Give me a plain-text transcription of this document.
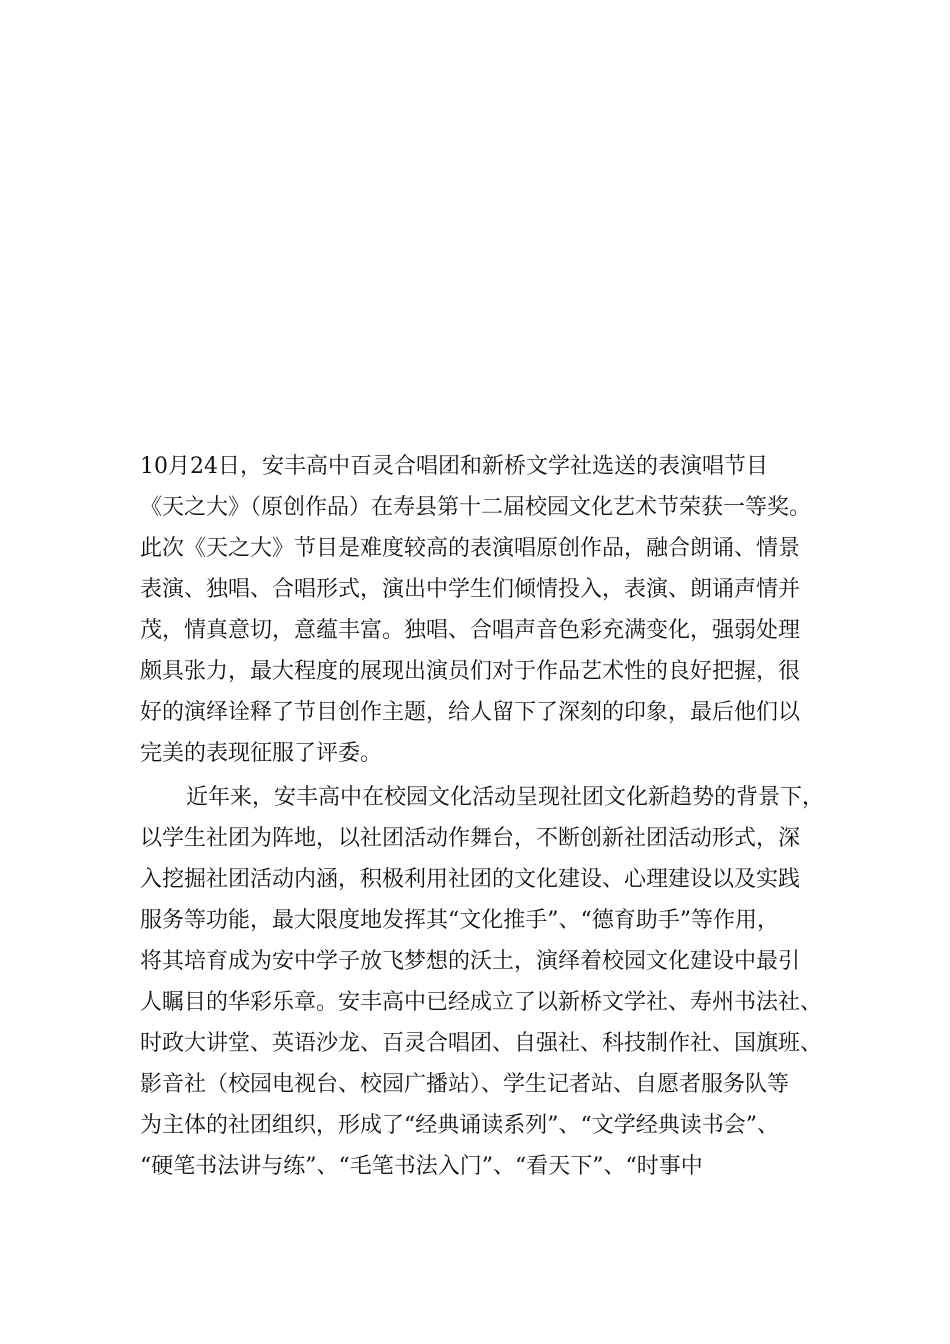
10月24日，安丰高中百灵合唱团和新桥文学社选送的表演唱节目
《天之大》（原创作品）在寿县第十二届校园文化艺术节荣获一等奖。
此次《天之大》节目是难度较高的表演唱原创作品，融合朗诵、情景
表演、独唱、合唱形式，演出中学生们倾情投入，表演、朗诵声情并
茂，情真意切，意蕴丰富。独唱、合唱声音色彩充满变化，强弱处理
颇具张力，最大程度的展现出演员们对于作品艺术性的良好把握，很
好的演绎诠释了节目创作主题，给人留下了深刻的印象，最后他们以
完美的表现征服了评委。
近年来，安丰高中在校园文化活动呈现社团文化新趋势的背景下，
以学生社团为阵地，以社团活动作舞台，不断创新社团活动形式，深
入挖掘社团活动内涵，积极利用社团的文化建设、心理建设以及实践
服务等功能，最大限度地发挥其“文化推手”、“德育助手”等作用，
将其培育成为安中学子放飞梦想的沃土，演绎着校园文化建设中最引
人瞩目的华彩乐章。安丰高中已经成立了以新桥文学社、寿州书法社、
时政大讲堂、英语沙龙、百灵合唱团、自强社、科技制作社、国旗班、
影音社（校园电视台、校园广播站）、学生记者站、自愿者服务队等
为主体的社团组织，形成了“经典诵读系列”、“文学经典读书会”、
“硬笔书法讲与练”、“毛笔书法入门”、“看天下”、“时事中
